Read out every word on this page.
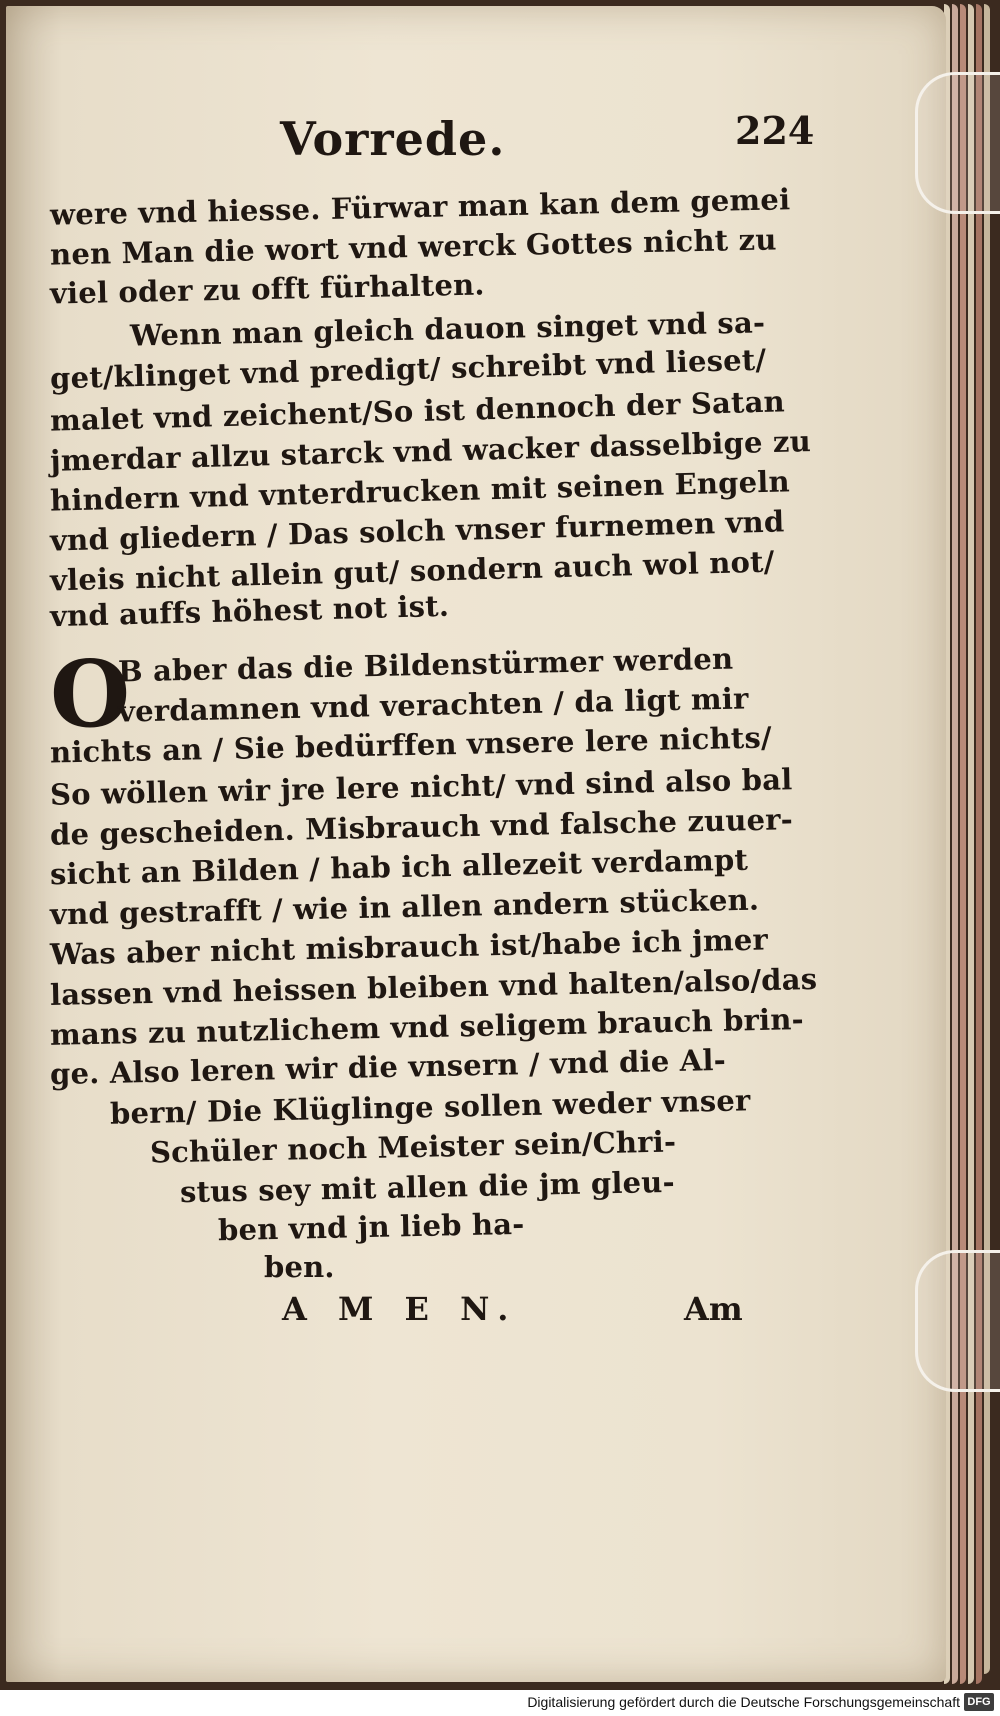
Vorrede.	224
were vnd hiesse. Fürwar man kan dem gemei
nen Man die wort vnd werck Gottes nicht zu
viel oder zu offt fürhalten.
Wenn man gleich dauon singet vnd sa-
get/klinget vnd predigt/ schreibt vnd lieset/
malet vnd zeichent/So ist dennoch der Satan
jmerdar allzu starck vnd wacker dasselbige zu
hindern vnd vnterdrucken mit seinen Engeln
vnd gliedern / Das solch vnser furnemen vnd
vleis nicht allein gut/ sondern auch wol not/
vnd auffs höhest not ist.
O
B aber das die Bildenstürmer werden
verdamnen vnd verachten / da ligt mir
nichts an / Sie bedürffen vnsere lere nichts/
So wöllen wir jre lere nicht/ vnd sind also bal
de gescheiden. Misbrauch vnd falsche zuuer-
sicht an Bilden / hab ich allezeit verdampt
vnd gestrafft / wie in allen andern stücken.
Was aber nicht misbrauch ist/habe ich jmer
lassen vnd heissen bleiben vnd halten/also/das
mans zu nutzlichem vnd seligem brauch brin-
ge. Also leren wir die vnsern / vnd die Al-
bern/ Die Klüglinge sollen weder vnser
Schüler noch Meister sein/Chri-
stus sey mit allen die jm gleu-
ben vnd jn lieb ha-
ben.
A M E N.	Am
Digitalisierung gefördert durch die Deutsche Forschungsgemeinschaft DFG
